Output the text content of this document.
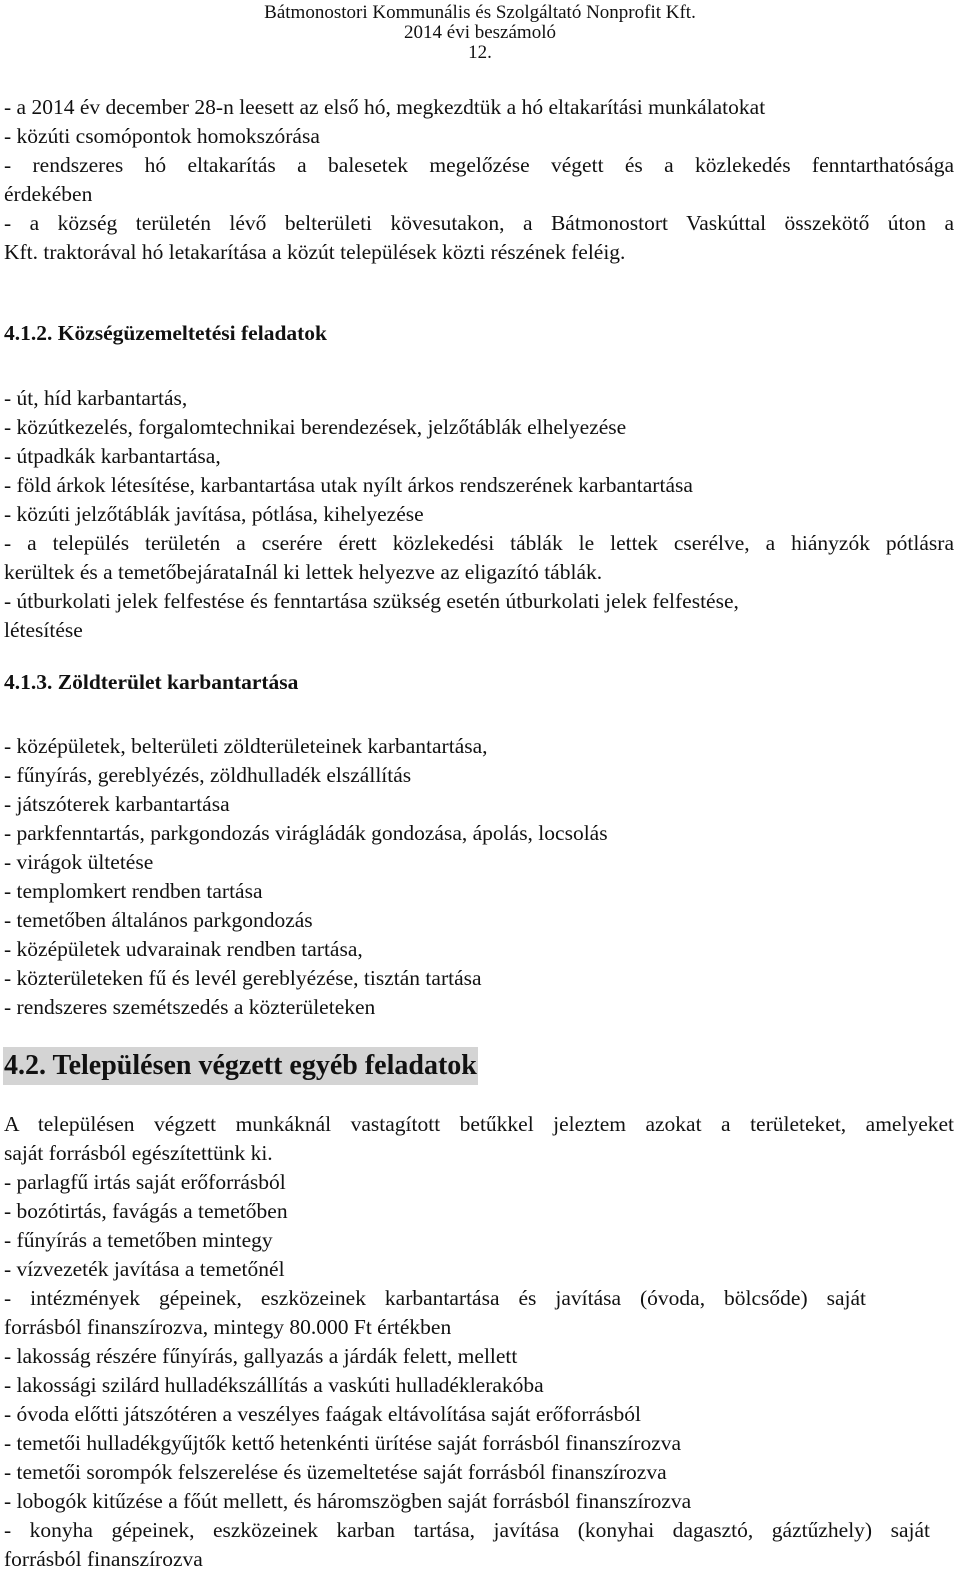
Bátmonostori Kommunális és Szolgáltató Nonprofit Kft.
2014 évi beszámoló
12.
- a 2014 év december 28-n leesett az első hó, megkezdtük a hó eltakarítási munkálatokat
- közúti csomópontok homokszórása
- rendszeres hó eltakarítás a balesetek megelőzése végett és a közlekedés fenntarthatósága
érdekében
- a község területén lévő belterületi kövesutakon, a Bátmonostort Vaskúttal összekötő úton a
Kft. traktorával hó letakarítása a közút települések közti részének feléig.
4.1.2. Községüzemeltetési feladatok
- út, híd karbantartás,
- közútkezelés, forgalomtechnikai berendezések, jelzőtáblák elhelyezése
- útpadkák karbantartása,
- föld árkok létesítése, karbantartása utak nyílt árkos rendszerének karbantartása
- közúti jelzőtáblák javítása, pótlása, kihelyezése
- a település területén a cserére érett közlekedési táblák le lettek cserélve, a hiányzók pótlásra
kerültek és a temetőbejárataInál ki lettek helyezve az eligazító táblák.
- útburkolati jelek felfestése és fenntartása szükség esetén útburkolati jelek felfestése,
létesítése
4.1.3. Zöldterület karbantartása
- középületek, belterületi zöldterületeinek karbantartása,
- fűnyírás, gereblyézés, zöldhulladék elszállítás
- játszóterek karbantartása
- parkfenntartás, parkgondozás virágládák gondozása, ápolás, locsolás
- virágok ültetése
- templomkert rendben tartása
- temetőben általános parkgondozás
- középületek udvarainak rendben tartása,
- közterületeken fű és levél gereblyézése, tisztán tartása
- rendszeres szemétszedés a közterületeken
4.2. Településen végzett egyéb feladatok
A településen végzett munkáknál vastagított betűkkel jeleztem azokat a területeket, amelyeket
saját forrásból egészítettünk ki.
- parlagfű irtás saját erőforrásból
- bozótirtás, favágás a temetőben
- fűnyírás a temetőben mintegy
- vízvezeték javítása a temetőnél
- intézmények gépeinek, eszközeinek karbantartása és javítása (óvoda, bölcsőde) saját
forrásból finanszírozva, mintegy 80.000 Ft értékben
- lakosság részére fűnyírás, gallyazás a járdák felett, mellett
- lakossági szilárd hulladékszállítás a vaskúti hulladéklerakóba
- óvoda előtti játszótéren a veszélyes faágak eltávolítása saját erőforrásból
- temetői hulladékgyűjtők kettő hetenkénti ürítése saját forrásból finanszírozva
- temetői sorompók felszerelése és üzemeltetése saját forrásból finanszírozva
- lobogók kitűzése a főút mellett, és háromszögben saját forrásból finanszírozva
- konyha gépeinek, eszközeinek karban tartása, javítása (konyhai dagasztó, gáztűzhely) saját
forrásból finanszírozva
